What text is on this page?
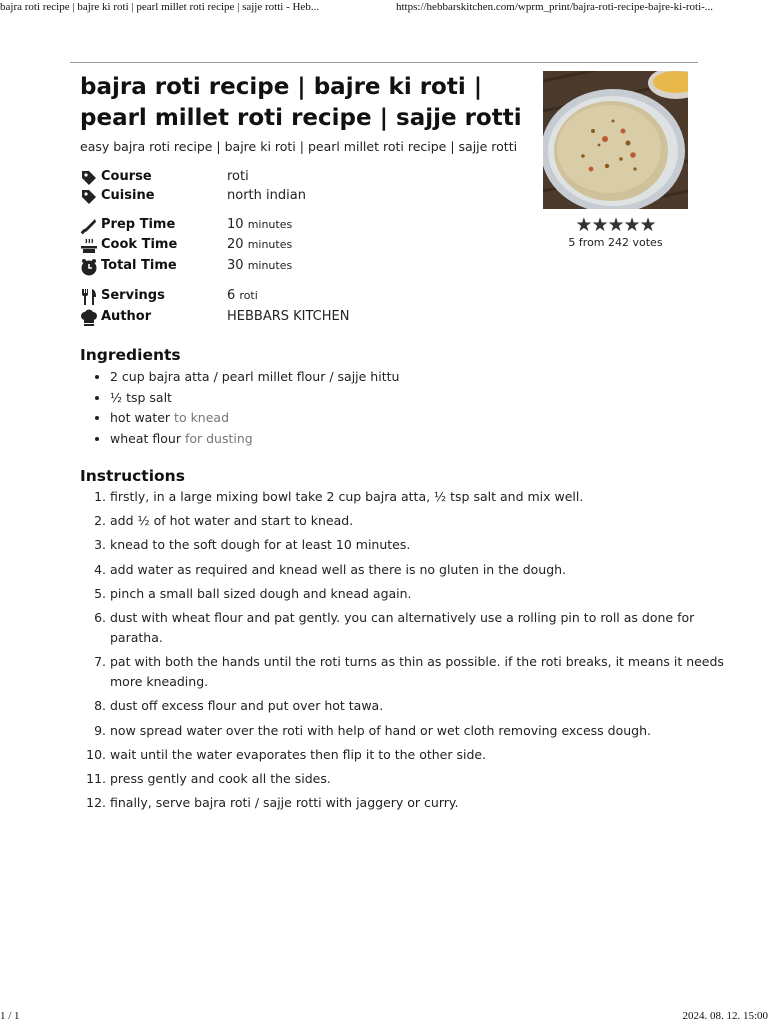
bajra roti recipe | bajre ki roti | pearl millet roti recipe | sajje rotti - Heb...	https://hebbarskitchen.com/wprm_print/bajra-roti-recipe-bajre-ki-roti-...
bajra roti recipe | bajre ki roti | pearl millet roti recipe | sajje rotti
easy bajra roti recipe | bajre ki roti | pearl millet roti recipe | sajje rotti
★★★★★
5 from 242 votes
Course	roti
Cuisine	north indian
Prep Time	10 minutes
Cook Time	20 minutes
Total Time	30 minutes
Servings	6 roti
Author	HEBBARS KITCHEN
Ingredients
• 2 cup bajra atta / pearl millet flour / sajje hittu
• ½ tsp salt
• hot water to knead
• wheat flour for dusting
Instructions
1. firstly, in a large mixing bowl take 2 cup bajra atta, ½ tsp salt and mix well.
2. add ½ of hot water and start to knead.
3. knead to the soft dough for at least 10 minutes.
4. add water as required and knead well as there is no gluten in the dough.
5. pinch a small ball sized dough and knead again.
6. dust with wheat flour and pat gently. you can alternatively use a rolling pin to roll as done for paratha.
7. pat with both the hands until the roti turns as thin as possible. if the roti breaks, it means it needs more kneading.
8. dust off excess flour and put over hot tawa.
9. now spread water over the roti with help of hand or wet cloth removing excess dough.
10. wait until the water evaporates then flip it to the other side.
11. press gently and cook all the sides.
12. finally, serve bajra roti / sajje rotti with jaggery or curry.
1 / 1	2024. 08. 12. 15:00
